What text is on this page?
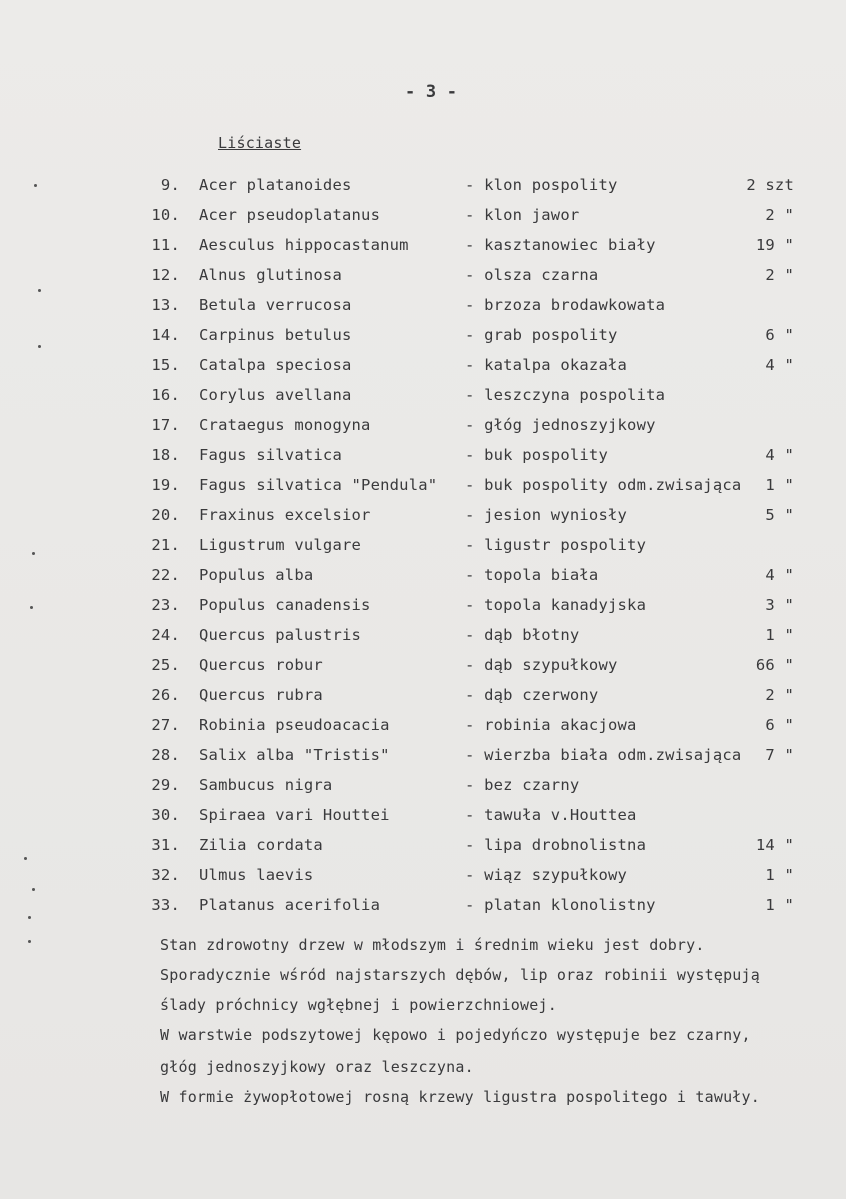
- 3 -
Liściaste
9. Acer platanoides	- klon pospolity	2 szt
10. Acer pseudoplatanus	- klon jawor	2 "
11. Aesculus hippocastanum	- kasztanowiec biały	19 "
12. Alnus glutinosa	- olsza czarna	2 "
13. Betula verrucosa	- brzoza brodawkowata
14. Carpinus betulus	- grab pospolity	6 "
15. Catalpa speciosa	- katalpa okazała	4 "
16. Corylus avellana	- leszczyna pospolita
17. Crataegus monogyna	- głóg jednoszyjkowy
18. Fagus silvatica	- buk pospolity	4 "
19. Fagus silvatica "Pendula" - buk pospolity odm.zwisająca 1 "
20. Fraxinus excelsior	- jesion wyniosły	5 "
21. Ligustrum vulgare	- ligustr pospolity
22. Populus alba	- topola biała	4 "
23. Populus canadensis	- topola kanadyjska	3 "
24. Quercus palustris	- dąb błotny	1 "
25. Quercus robur	- dąb szypułkowy	66 "
26. Quercus rubra	- dąb czerwony	2 "
27. Robinia pseudoacacia	- robinia akacjowa	6 "
28. Salix alba "Tristis"	- wierzba biała odm.zwisająca 7 "
29. Sambucus nigra	- bez czarny
30. Spiraea vari Houttei	- tawuła v.Houttea
31. Zilia cordata	- lipa drobnolistna	14 "
32. Ulmus laevis	- wiąz szypułkowy	1 "
33. Platanus acerifolia	- platan klonolistny	1 "
Stan zdrowotny drzew w młodszym i średnim wieku jest dobry.
Sporadycznie wśród najstarszych dębów, lip oraz robinii występują
ślady próchnicy wgłębnej i powierzchniowej.
W warstwie podszytowej kępowo i pojedyńczo występuje bez czarny,
głóg jednoszyjkowy oraz leszczyna.
W formie żywopłotowej rosną krzewy ligustra pospolitego i tawuły.
